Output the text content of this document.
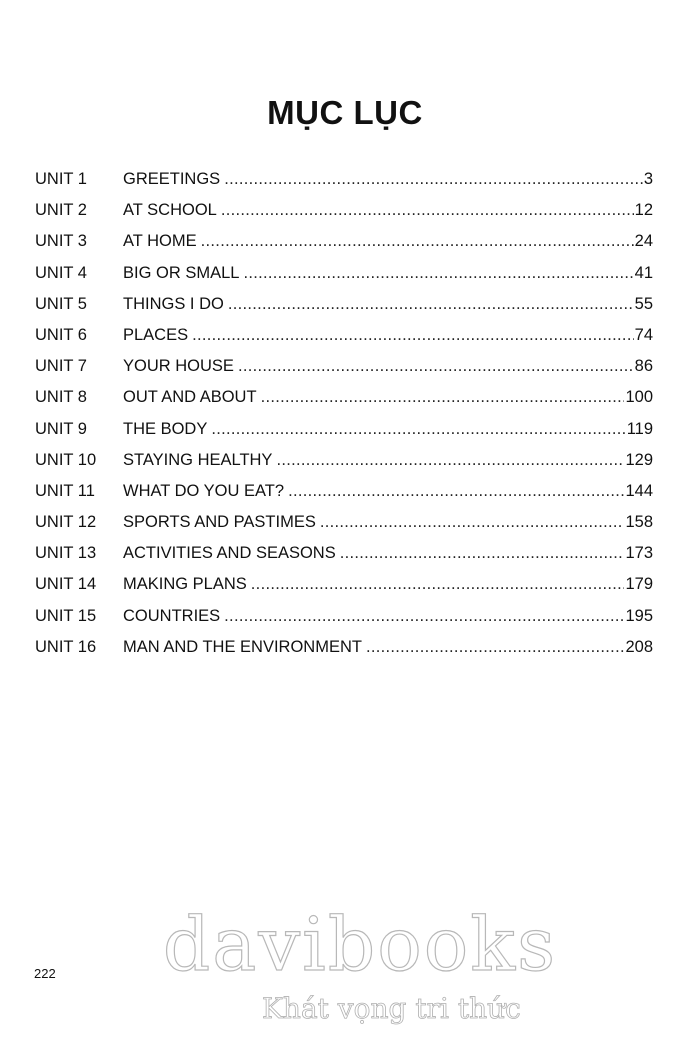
MỤC LỤC
UNIT 1	GREETINGS .....	3
UNIT 2	AT SCHOOL .....	12
UNIT 3	AT HOME .....	24
UNIT 4	BIG OR SMALL .....	41
UNIT 5	THINGS I DO .....	55
UNIT 6	PLACES .....	74
UNIT 7	YOUR HOUSE .....	86
UNIT 8	OUT AND ABOUT .....	100
UNIT 9	THE BODY .....	119
UNIT 10	STAYING HEALTHY .....	129
UNIT 11	WHAT DO YOU EAT? .....	144
UNIT 12	SPORTS AND PASTIMES .....	158
UNIT 13	ACTIVITIES AND SEASONS .....	173
UNIT 14	MAKING PLANS .....	179
UNIT 15	COUNTRIES .....	195
UNIT 16	MAN AND THE ENVIRONMENT .....	208
222 davibooks
Khát vọng tri thức
